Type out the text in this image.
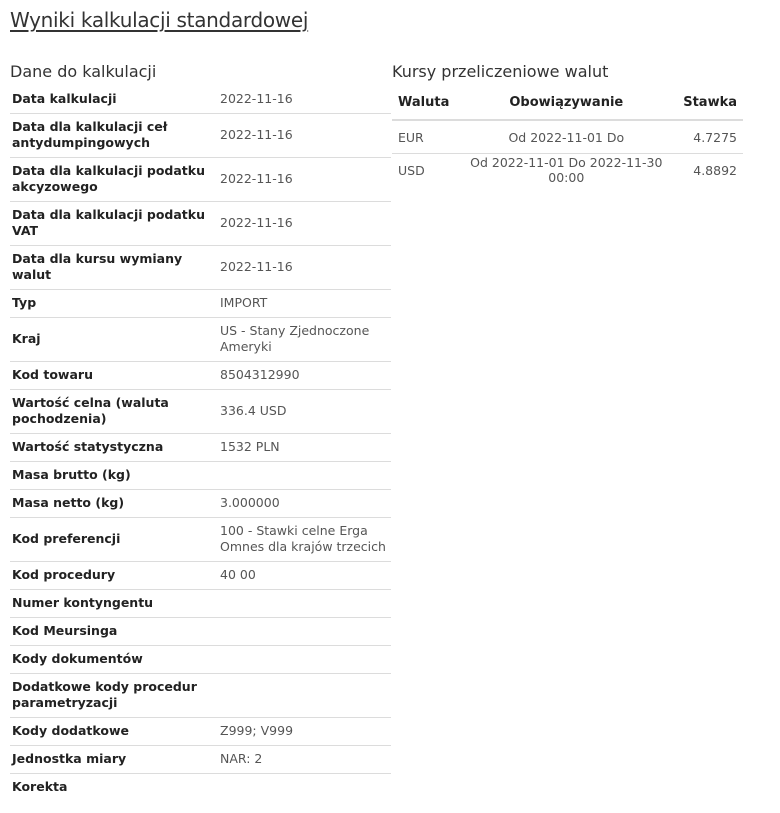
Wyniki kalkulacji standardowej
Dane do kalkulacji
Data kalkulacji	2022-11-16
Data dla kalkulacji ceł antydumpingowych	2022-11-16
Data dla kalkulacji podatku akcyzowego	2022-11-16
Data dla kalkulacji podatku VAT	2022-11-16
Data dla kursu wymiany walut	2022-11-16
Typ	IMPORT
Kraj	US - Stany Zjednoczone Ameryki
Kod towaru	8504312990
Wartość celna (waluta pochodzenia)	336.4 USD
Wartość statystyczna	1532 PLN
Masa brutto (kg)	
Masa netto (kg)	3.000000
Kod preferencji	100 - Stawki celne Erga Omnes dla krajów trzecich
Kod procedury	40 00
Numer kontyngentu	
Kod Meursinga	
Kody dokumentów	
Dodatkowe kody procedur parametryzacji	
Kody dodatkowe	Z999; V999
Jednostka miary	NAR: 2
Korekta	
Kursy przeliczeniowe walut
Waluta	Obowiązywanie	Stawka
EUR	Od 2022-11-01 Do	4.7275
USD	Od 2022-11-01 Do 2022-11-30 00:00	4.8892
